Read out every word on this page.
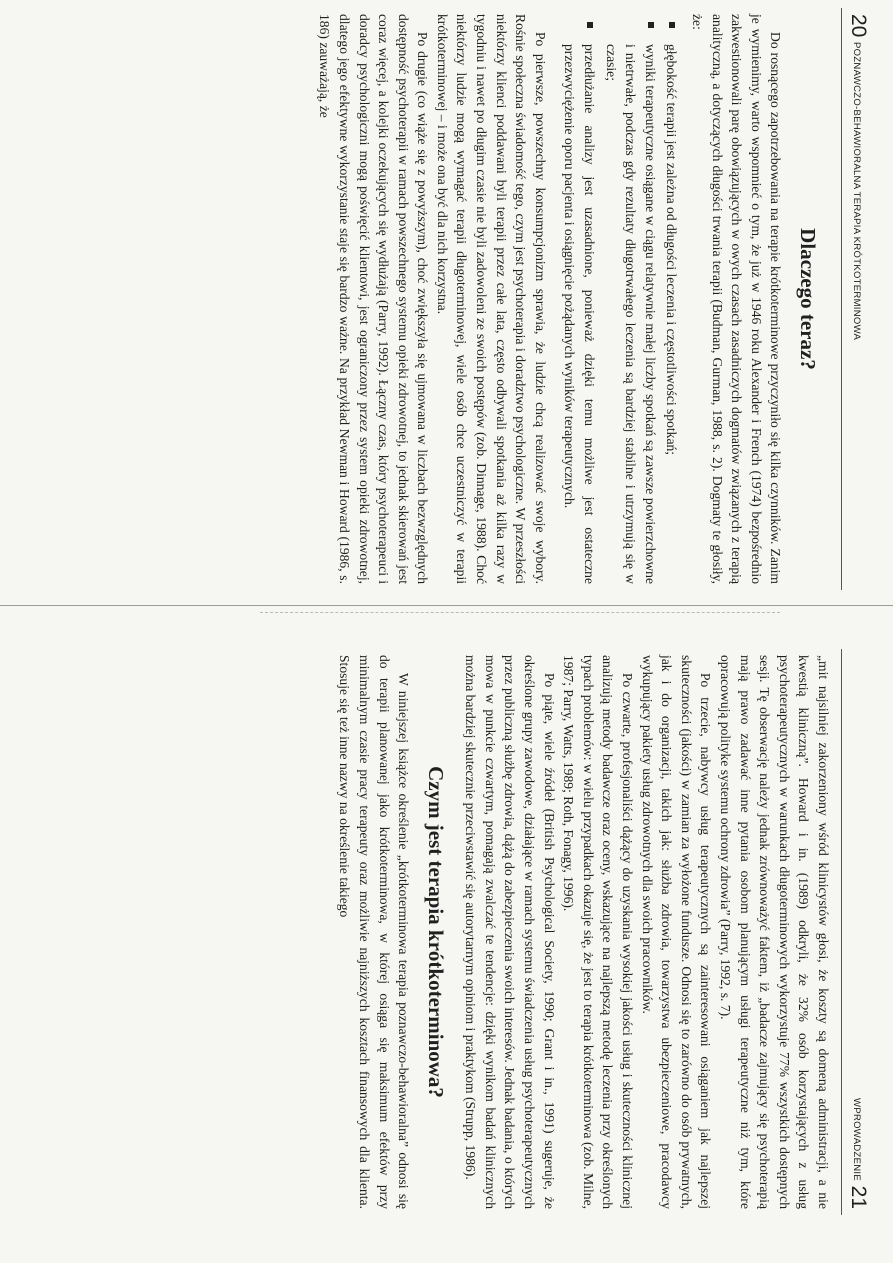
20
POZNAWCZO-BEHAWIORALNA TERAPIA KRÓTKOTERMINOWA
Dlaczego teraz?

Do rosnącego zapotrzebowania na terapie krótkoterminowe przyczyniło się kilka czynników. Zanim je wymienimy, warto wspomnieć o tym, że już w 1946 roku Alexander i French (1974) bezpośrednio zakwestionowali parę obowiązujących w owych czasach zasadniczych dogmatów związanych z terapią analityczną, a dotyczących długości trwania terapii (Budman, Gurman, 1988, s. 2). Dogmaty te głosiły, że:

głębokość terapii jest zależna od długości leczenia i częstotliwości spotkań;
wyniki terapeutyczne osiągane w ciągu relatywnie małej liczby spotkań są zawsze powierzchowne i nietrwałe, podczas gdy rezultaty długotrwałego leczenia są bardziej stabilne i utrzymują się w czasie;
przedłużanie analizy jest uzasadnione, ponieważ dzięki temu możliwe jest ostateczne przezwyciężenie oporu pacjenta i osiągnięcie pożądanych wyników terapeutycznych.

Po pierwsze, powszechny konsumpcjonizm sprawia, że ludzie chcą realizować swoje wybory. Rośnie społeczna świadomość tego, czym jest psychoterapia i doradztwo psychologiczne. W przeszłości niektórzy klienci poddawani byli terapii przez całe lata, często odbywali spotkania aż kilka razy w tygodniu i nawet po długim czasie nie byli zadowoleni ze swoich postępów (zob. Dinnage, 1988). Choć niektórzy ludzie mogą wymagać terapii długoterminowej, wiele osób chce uczestniczyć w terapii krótkoterminowej – i może ona być dla nich korzystna.

Po drugie (co wiąże się z powyższym), choć zwiększyła się ujmowana w liczbach bezwzględnych dostępność psychoterapii w ramach powszechnego systemu opieki zdrowotnej, to jednak skierowań jest coraz więcej, a kolejki oczekujących się wydłużają (Parry, 1992). Łączny czas, który psychoterapeuci i doradcy psychologiczni mogą poświęcić klientowi, jest ograniczony przez system opieki zdrowotnej, dlatego jego efektywne wykorzystanie staje się bardzo ważne. Na przykład Newman i Howard (1986, s. 186) zauważają, że

WPROWADZENIE
21

„mit najsilniej zakorzeniony wśród klinicystów głosi, że koszty są domeną administracji, a nie kwestią kliniczną”. Howard i in. (1989) odkryli, że 32% osób korzystających z usług psychoterapeutycznych w warunkach długoterminowych wykorzystuje 77% wszystkich dostępnych sesji. Tę obserwację należy jednak zrównoważyć faktem, iż „badacze zajmujący się psychoterapią mają prawo zadawać inne pytania osobom planującym usługi terapeutyczne niż tym, które opracowują polityke systemu ochrony zdrowia” (Parry, 1992, s. 7).

Po trzecie, nabywcy usług terapeutycznych są zainteresowani osiąganiem jak najlepszej skuteczności (jakości) w zamian za wyłożone fundusze. Odnosi się to zarówno do osób prywatnych, jak i do organizacji, takich jak: służba zdrowia, towarzystwa ubezpieczeniowe, pracodawcy wykupujący pakiety usług zdrowotnych dla swoich pracowników.

Po czwarte, profesjonaliści dążący do uzyskania wysokiej jakości usług i skuteczności klinicznej analizują metody badawcze oraz oceny, wskazujące na najlepszą metodę leczenia przy określonych typach problemów: w wielu przypadkach okazuje się, że jest to terapia krótkoterminowa (zob. Milne, 1987; Parry, Watts, 1989; Roth, Fonagy, 1996).

Po piąte, wiele źródeł (British Psychological Society, 1990; Grant i in., 1991) sugeruje, że określone grupy zawodowe, działające w ramach systemu świadczenia usług psychoterapeutycznych przez publiczną służbę zdrowia, dążą do zabezpieczenia swoich interesów. Jednak badania, o których mowa w punkcie czwartym, pomagają zwalczać te tendencje: dzięki wynikom badań klinicznych możnа bardziej skutecznie przeciwstawić się autorytarnym opiniom i praktykom (Strupp, 1986).

Czym jest terapia krótkoterminowa?

W niniejszej książce określenie „krótkoterminowa terapia poznawczo-behawioralna” odnosi się do terapii planowanej jako krótkoterminowa, w której osiąga się maksimum efektów przy minimalnym czasie pracy terapeuty oraz możliwie najniższych kosztach finansowych dla klienta. Stosuje się też inne nazwy na określenie takiego
